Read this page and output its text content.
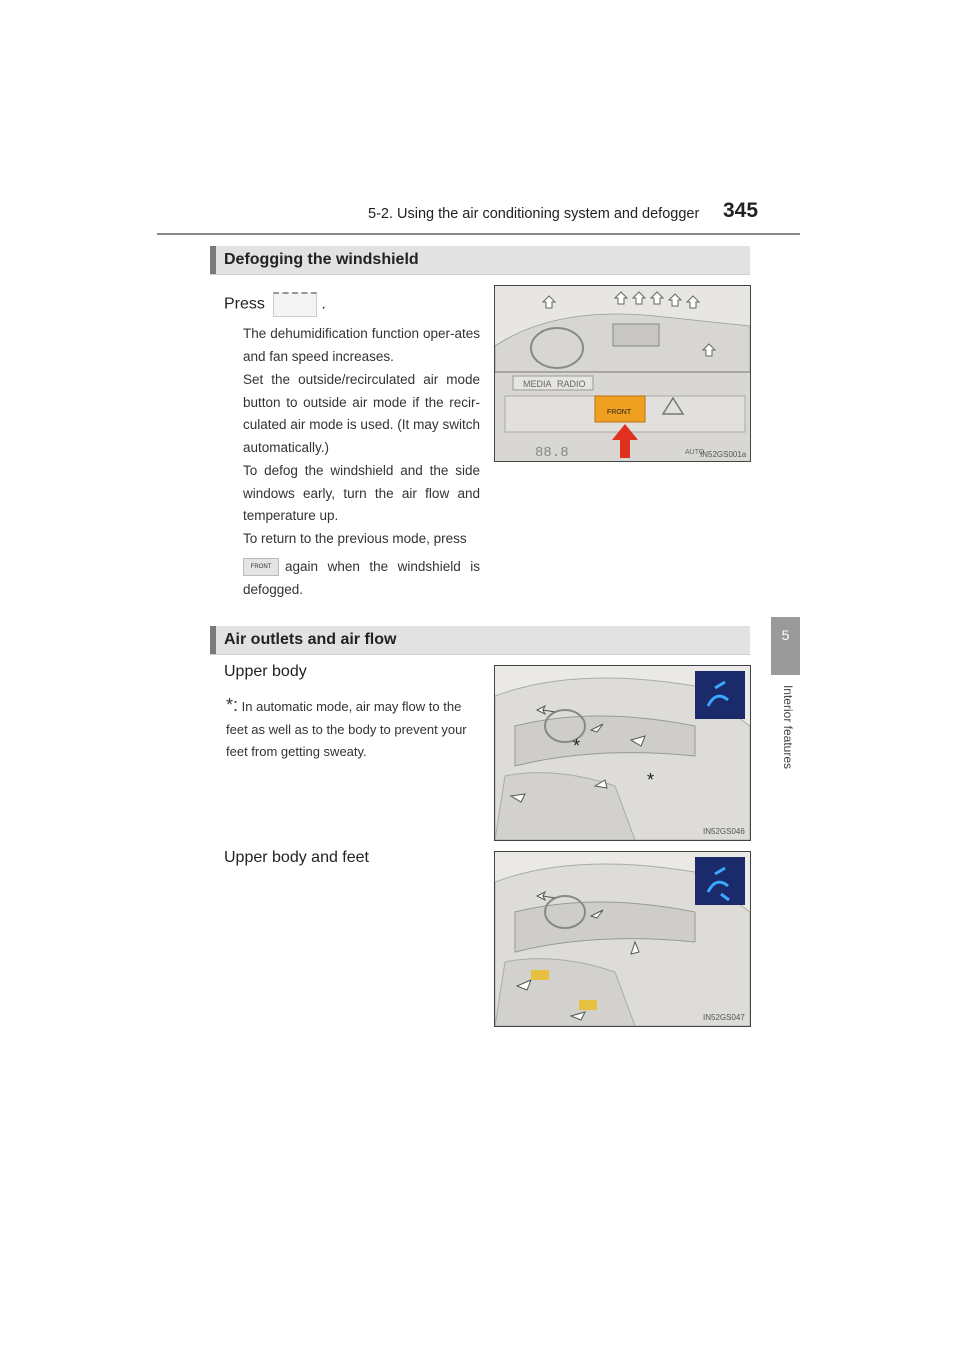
5-2. Using the air conditioning system and defogger 345
5
Interior features
Defogging the windshield
Press	.
The dehumidification function oper-ates and fan speed increases.
Set the outside/recirculated air mode button to outside air mode if the recir-culated air mode is used. (It may switch automatically.)
To defog the windshield and the side windows early, turn the air flow and temperature up.
To return to the previous mode, press
FRONT again when the windshield is defogged.
MEDIA RADIO
FRONT
88.8	AUTO
IN52GS001a
Air outlets and air flow
Upper body
*: In automatic mode, air may flow to the feet as well as to the body to prevent your feet from getting sweaty.	*
*
IN52GS046
Upper body and feet
IN52GS047
